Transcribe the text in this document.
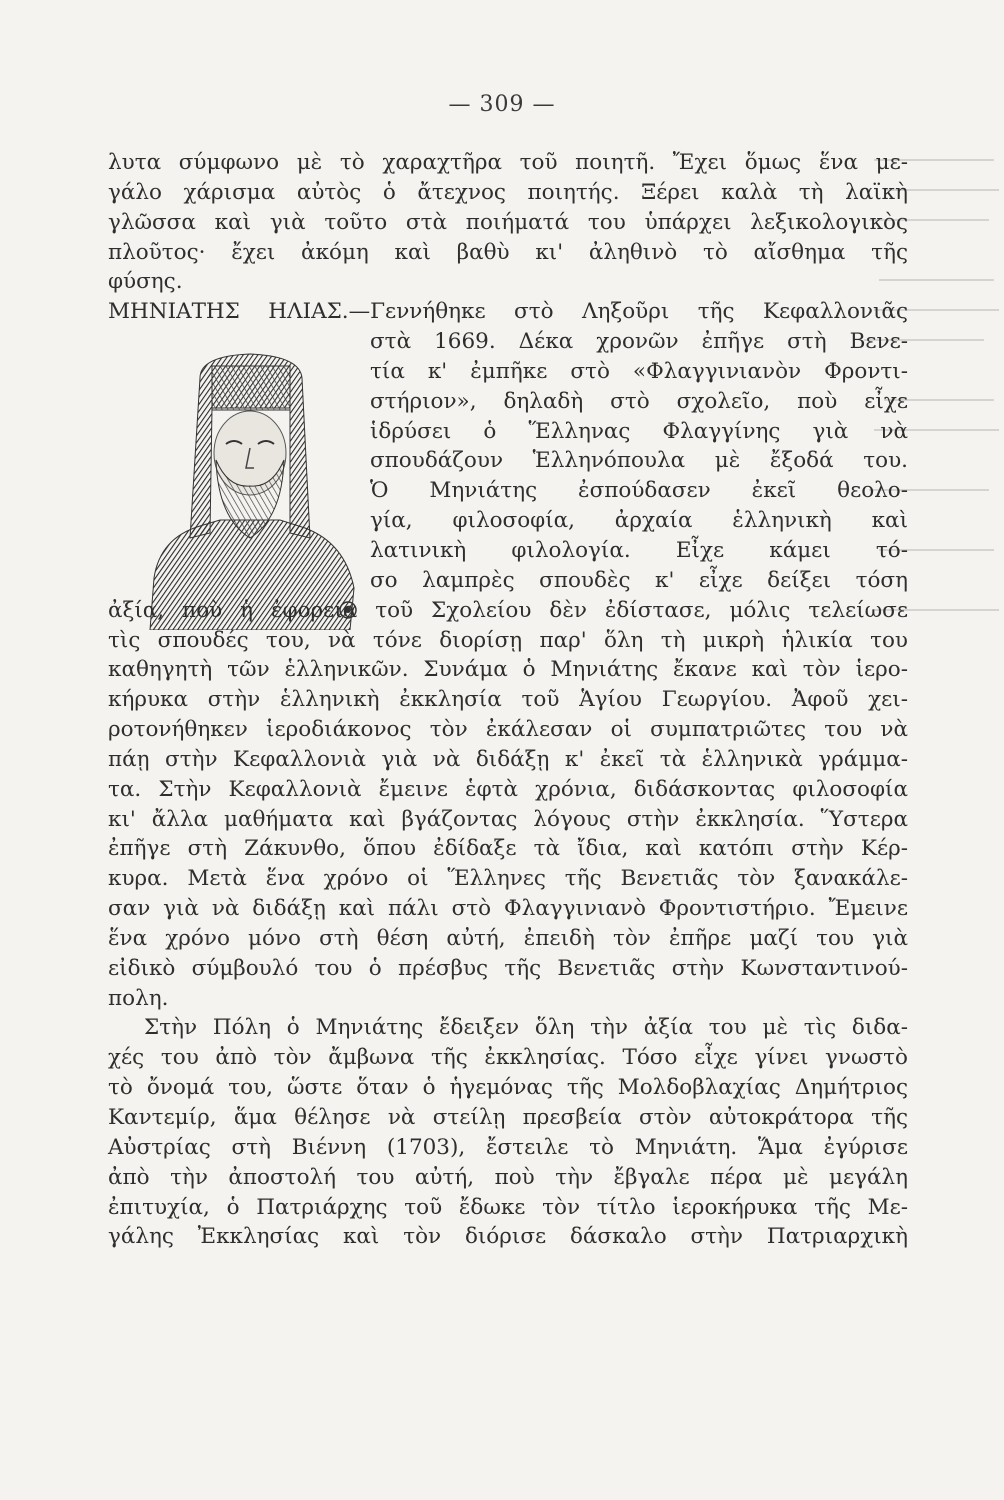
— 309 —
λυτα σύμφωνο μὲ τὸ χαραχτῆρα τοῦ ποιητῆ. Ἔχει ὅμως ἕνα με-
γάλο χάρισμα αὐτὸς ὁ ἄτεχνος ποιητής. Ξέρει καλὰ τὴ λαϊκὴ
γλῶσσα καὶ γιὰ τοῦτο στὰ ποιήματά του ὑπάρχει λεξικολογικὸς
πλοῦτος· ἔχει ἀκόμη καὶ βαθὺ κι' ἀληθινὸ τὸ αἴσθημα τῆς
φύσης.
ΜΗΝΙΑΤΗΣ ΗΛΙΑΣ.—Γεννήθηκε στὸ Ληξοῦρι τῆς Κεφαλλονιᾶς
στὰ 1669. Δέκα χρονῶν ἐπῆγε στὴ Βενε-
τία κ' ἐμπῆκε στὸ «Φλαγγινιανὸν Φροντι-
στήριον», δηλαδὴ στὸ σχολεῖο, ποὺ εἶχε
ἱδρύσει ὁ Ἕλληνας Φλαγγίνης γιὰ νὰ
σπουδάζουν Ἑλληνόπουλα μὲ ἔξοδά του.
Ὁ Μηνιάτης ἐσπούδασεν ἐκεῖ θεολο-
γία, φιλοσοφία, ἀρχαία ἑλληνικὴ καὶ
λατινικὴ φιλολογία. Εἶχε κάμει τό-
σο λαμπρὲς σπουδὲς κ' εἶχε δείξει τόση
ἀξία, ποὺ ἡ ἐφορεία τοῦ Σχολείου δὲν ἐδίστασε, μόλις τελείωσε
τὶς σπουδές του, νὰ τόνε διορίσῃ παρ' ὅλη τὴ μικρὴ ἡλικία του
καθηγητὴ τῶν ἑλληνικῶν. Συνάμα ὁ Μηνιάτης ἔκανε καὶ τὸν ἱερο-
κήρυκα στὴν ἑλληνικὴ ἐκκλησία τοῦ Ἁγίου Γεωργίου. Ἀφοῦ χει-
ροτονήθηκεν ἱεροδιάκονος τὸν ἐκάλεσαν οἱ συμπατριῶτες του νὰ
πάῃ στὴν Κεφαλλονιὰ γιὰ νὰ διδάξῃ κ' ἐκεῖ τὰ ἑλληνικὰ γράμμα-
τα. Στὴν Κεφαλλονιὰ ἔμεινε ἑφτὰ χρόνια, διδάσκοντας φιλοσοφία
κι' ἄλλα μαθήματα καὶ βγάζοντας λόγους στὴν ἐκκλησία. Ὕστερα
ἐπῆγε στὴ Ζάκυνθο, ὅπου ἐδίδαξε τὰ ἴδια, καὶ κατόπι στὴν Κέρ-
κυρα. Μετὰ ἕνα χρόνο οἱ Ἕλληνες τῆς Βενετιᾶς τὸν ξανακάλε-
σαν γιὰ νὰ διδάξῃ καὶ πάλι στὸ Φλαγγινιανὸ Φροντιστήριο. Ἔμεινε
ἕνα χρόνο μόνο στὴ θέση αὐτή, ἐπειδὴ τὸν ἐπῆρε μαζί του γιὰ
εἰδικὸ σύμβουλό του ὁ πρέσβυς τῆς Βενετιᾶς στὴν Κωνσταντινού-
πολη.
Στὴν Πόλη ὁ Μηνιάτης ἔδειξεν ὅλη τὴν ἀξία του μὲ τὶς διδα-
χές του ἀπὸ τὸν ἄμβωνα τῆς ἐκκλησίας. Τόσο εἶχε γίνει γνωστὸ
τὸ ὄνομά του, ὥστε ὅταν ὁ ἡγεμόνας τῆς Μολδοβλαχίας Δημήτριος
Καντεμίρ, ἅμα θέλησε νὰ στείλῃ πρεσβεία στὸν αὐτοκράτορα τῆς
Αὐστρίας στὴ Βιέννη (1703), ἔστειλε τὸ Μηνιάτη. Ἅμα ἐγύρισε
ἀπὸ τὴν ἀποστολή του αὐτή, ποὺ τὴν ἔβγαλε πέρα μὲ μεγάλη
ἐπιτυχία, ὁ Πατριάρχης τοῦ ἔδωκε τὸν τίτλο ἱεροκήρυκα τῆς Με-
γάλης Ἐκκλησίας καὶ τὸν διόρισε δάσκαλο στὴν Πατριαρχικὴ
